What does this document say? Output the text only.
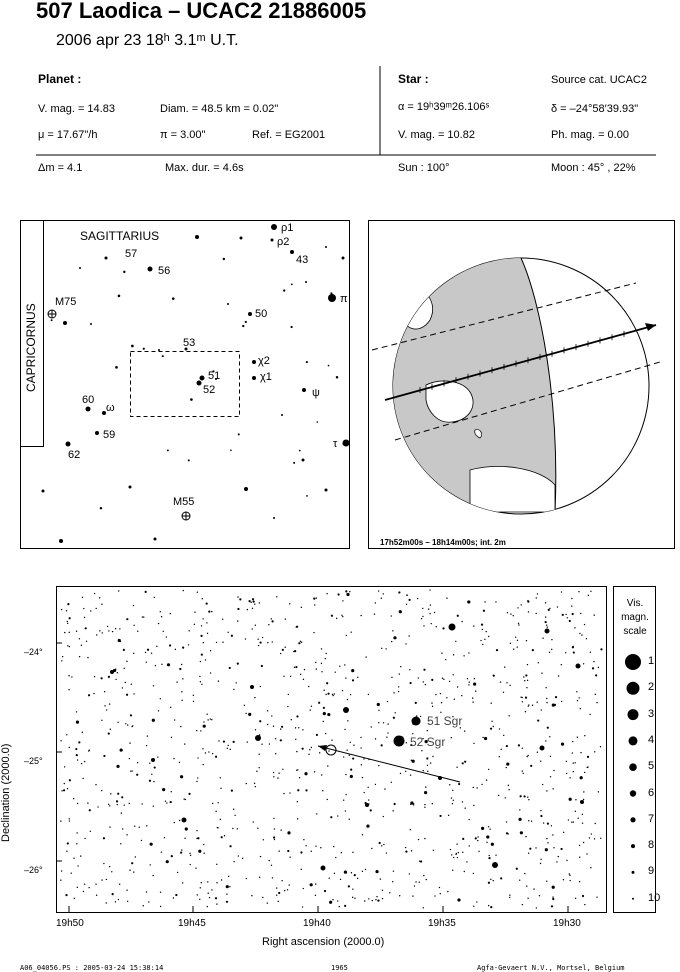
507 Laodica – UCAC2 21886005
2006 apr 23 18ʰ 3.1ᵐ U.T.
Planet :
V. mag. = 14.83	Diam. = 48.5 km = 0.02"
μ = 17.67"/h	π = 3.00"	Ref. = EG2001
Δm = 4.1	Max. dur. = 4.6s
Star :	Source cat. UCAC2
α = 19ʰ39ᵐ26.106ˢ	δ = –24°58′39.93"
V. mag. = 10.82	Ph. mag. = 0.00
Sun : 100°	Moon : 45° , 22%
SAGITTARIUS
CAPRICORNUS
ρ1
ρ2
43
57
56
50
π
M75
53
χ2
χ1
51
52	ψ
60
ω
59
62
τ
M55
17h52m00s – 18h14m00s; int. 2m
51 Sgr
52 Sgr
–24°
–25°
–26°
19h50	19h45	19h40	19h35	19h30
Right ascension (2000.0)
Declination (2000.0)
Vis.
magn.
scale
1
2
3
4
5
6
7
8
9
10
A06_04056.PS : 2005-03-24 15:38:14	1965	Agfa-Gevaert N.V., Mortsel, Belgium
